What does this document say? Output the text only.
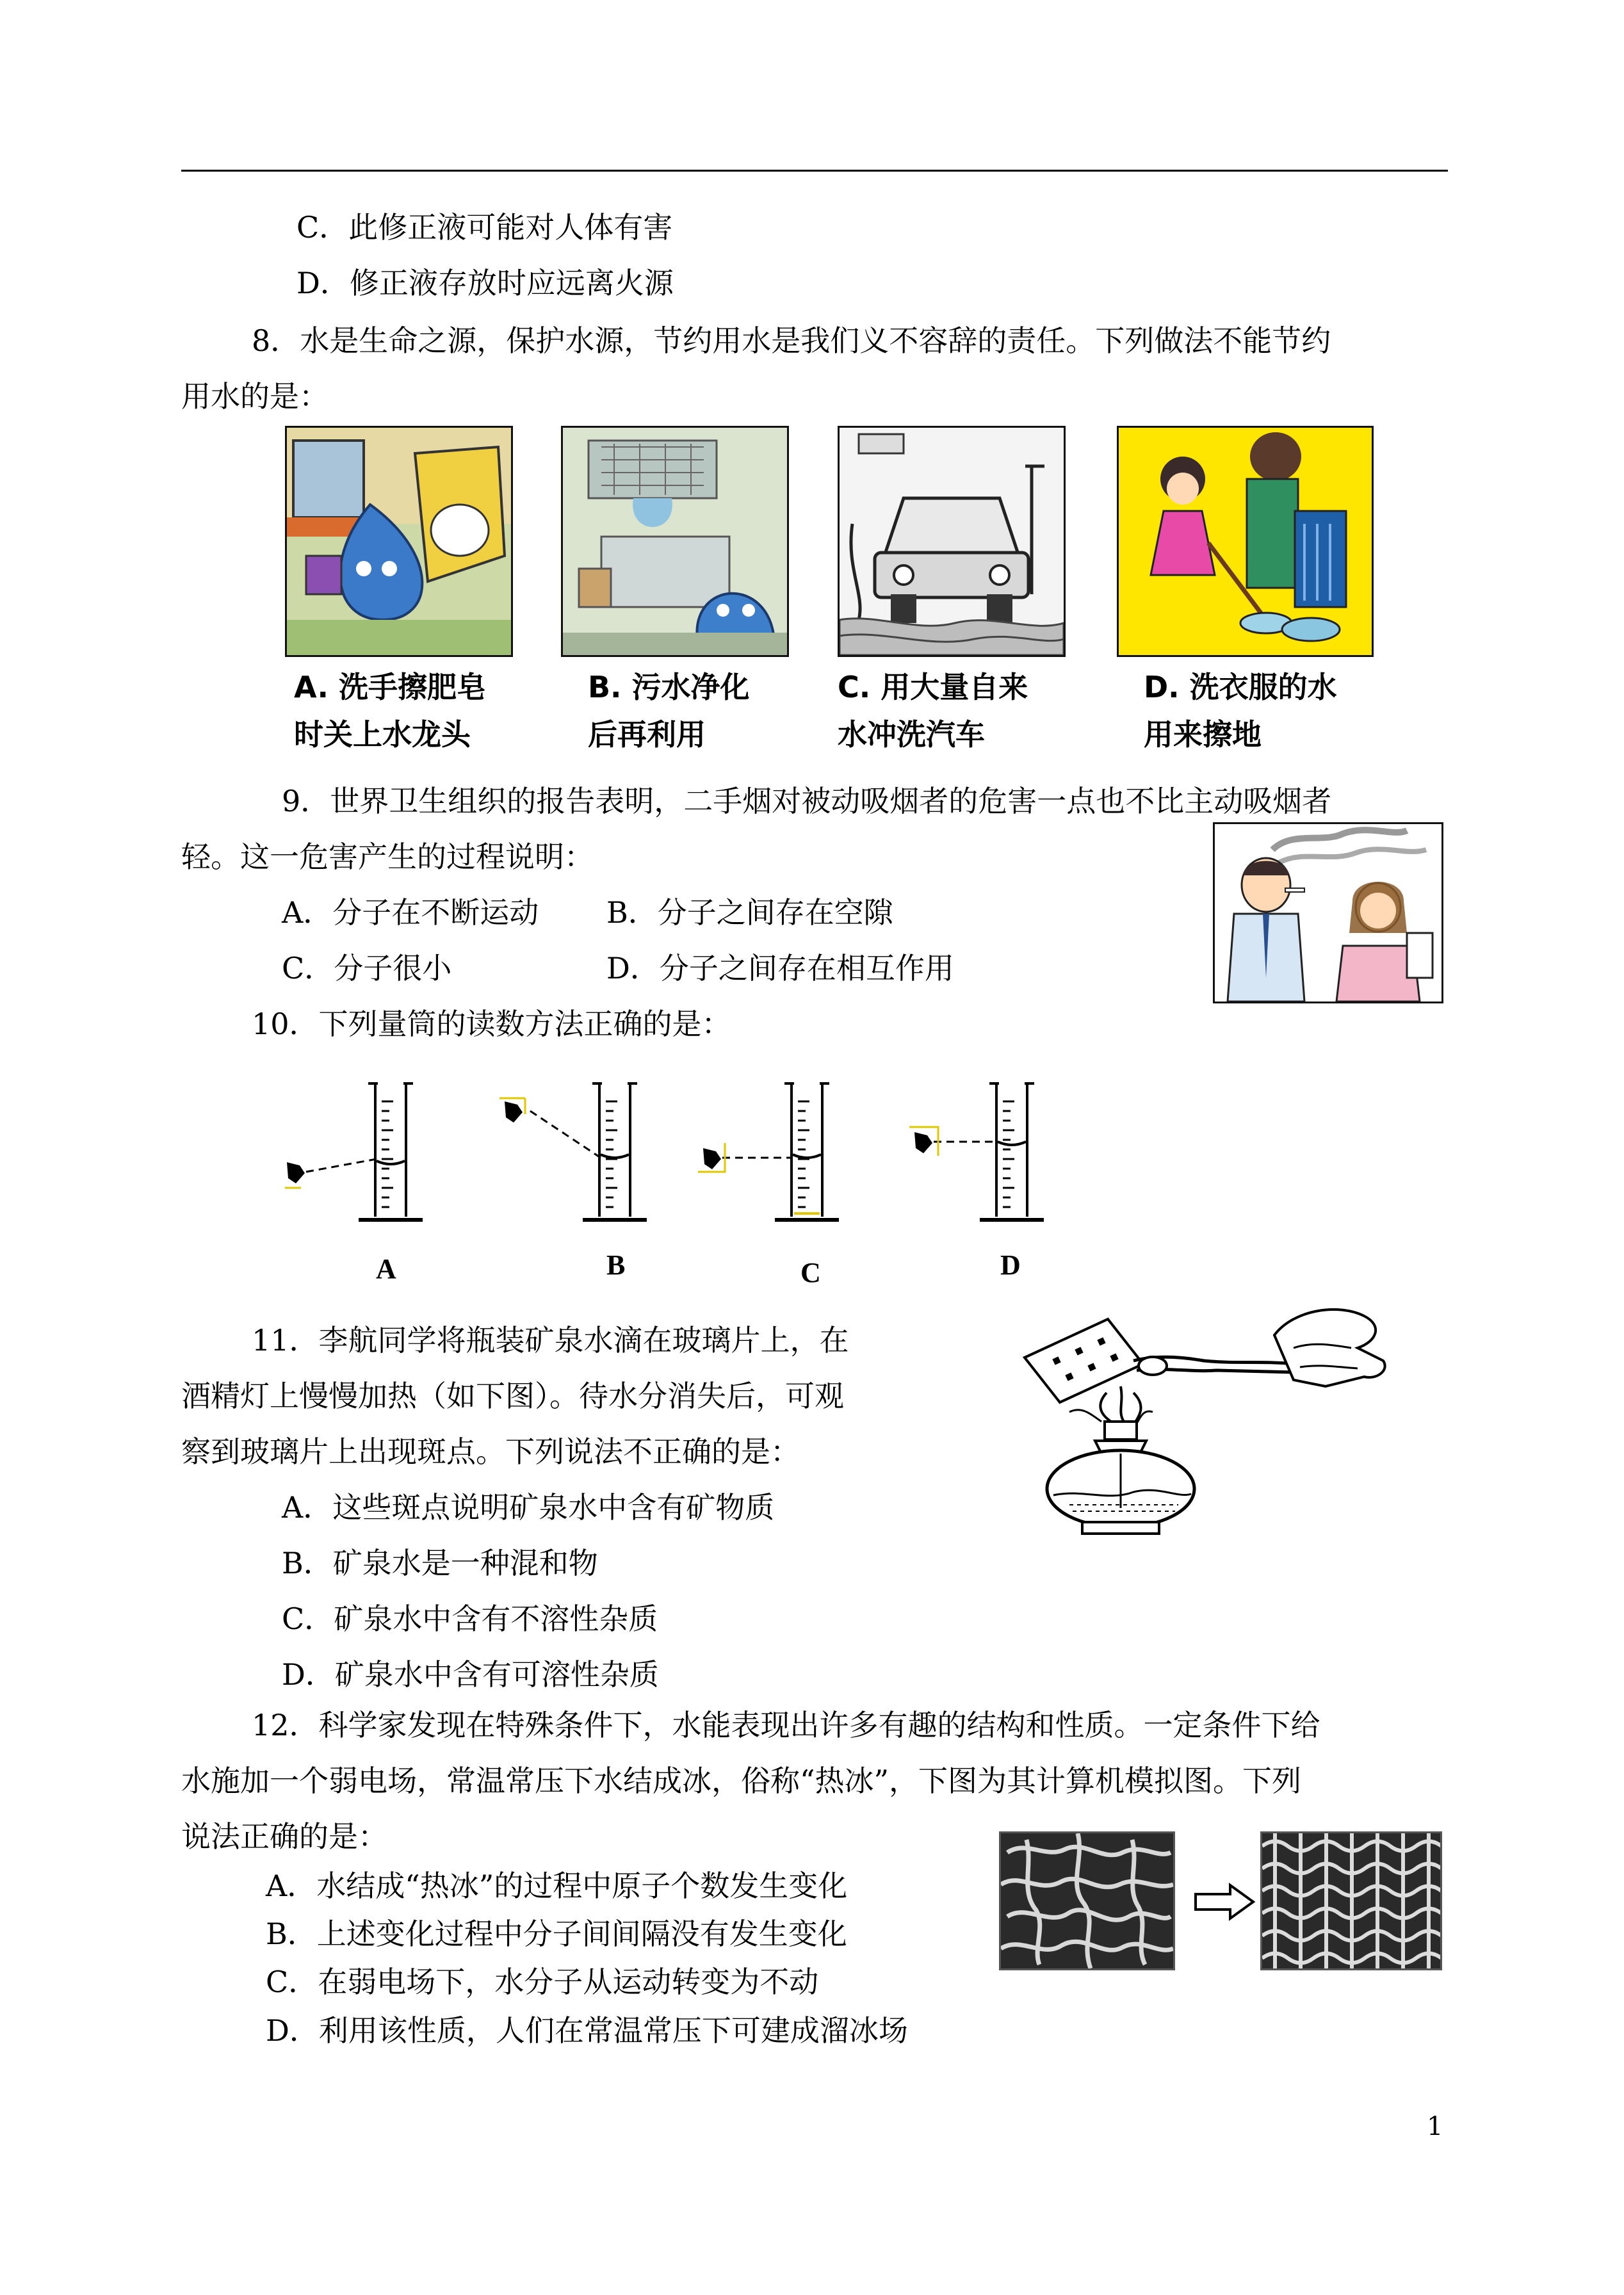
C．此修正液可能对人体有害
D．修正液存放时应远离火源
8．水是生命之源，保护水源，节约用水是我们义不容辞的责任。下列做法不能节约
用水的是：
A. 洗手擦肥皂
时关上水龙头
B. 污水净化
后再利用
C. 用大量自来
水冲洗汽车
D. 洗衣服的水
用来擦地
9．世界卫生组织的报告表明，二手烟对被动吸烟者的危害一点也不比主动吸烟者
轻。这一危害产生的过程说明：
A．分子在不断运动 B．分子之间存在空隙
C．分子很小	D．分子之间存在相互作用
10．下列量筒的读数方法正确的是：
A	B	C	D
11．李航同学将瓶装矿泉水滴在玻璃片上，在
酒精灯上慢慢加热（如下图）。待水分消失后，可观
察到玻璃片上出现斑点。下列说法不正确的是：
A．这些斑点说明矿泉水中含有矿物质
B．矿泉水是一种混和物
C．矿泉水中含有不溶性杂质
D．矿泉水中含有可溶性杂质
12．科学家发现在特殊条件下，水能表现出许多有趣的结构和性质。一定条件下给
水施加一个弱电场，常温常压下水结成冰，俗称“热冰”，下图为其计算机模拟图。下列
说法正确的是：
A．水结成“热冰”的过程中原子个数发生变化
B．上述变化过程中分子间间隔没有发生变化
C．在弱电场下，水分子从运动转变为不动
D．利用该性质，人们在常温常压下可建成溜冰场
1
